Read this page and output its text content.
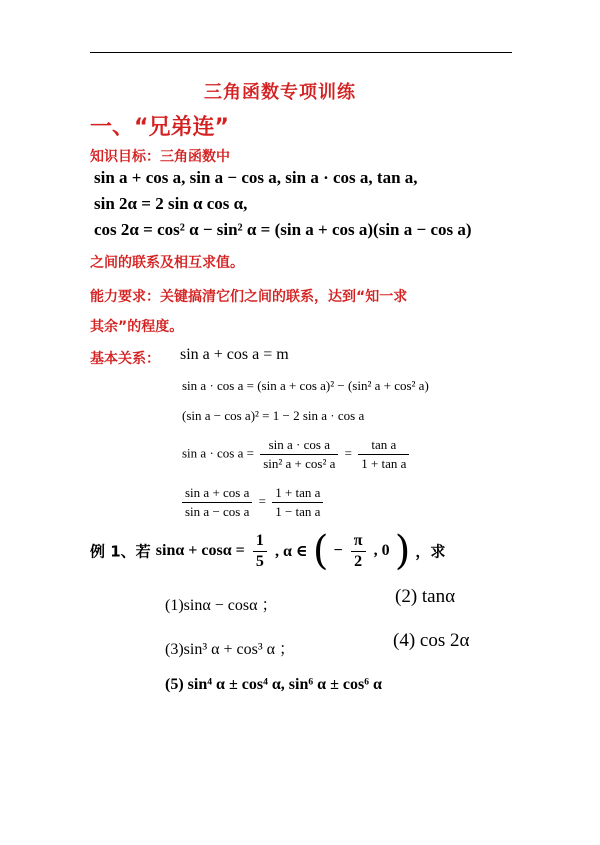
三角函数专项训练
一、“兄弟连”
知识目标：三角函数中
sin a + cos a, sin a − cos a, sin a · cos a, tan a,
sin 2α = 2 sin α cos α,
cos 2α = cos² α − sin² α = (sin a + cos a)(sin a − cos a)
之间的联系及相互求值。
能力要求：关键搞清它们之间的联系，达到“知一求
其余”的程度。
基本关系： sin a + cos a = m
sin a · cos a = (sin a + cos a)² − (sin² a + cos² a)
(sin a − cos a)² = 1 − 2 sin a · cos a
$\sin a \cdot \cos a = \frac{\text{sin a · cos a}}{\text{sin² a + cos² a}} = \frac{\text{tan a}}{\text{1 + tan a}}$
$\frac{\text{sin a + cos a}}{\text{sin a − cos a}} = \frac{\text{1 + tan a}}{\text{1 − tan a}}$
例 1、若 $\sin\alpha + \cos\alpha = \frac{1}{5}$ , α ∈ ( − $\frac{\pi}{2}$ , 0 ) ，求
(1)sinα − cosα ；	(2) tanα
(3)sin³ α + cos³ α ；	(4) cos 2α
(5) sin⁴ α ± cos⁴ α, sin⁶ α ± cos⁶ α
